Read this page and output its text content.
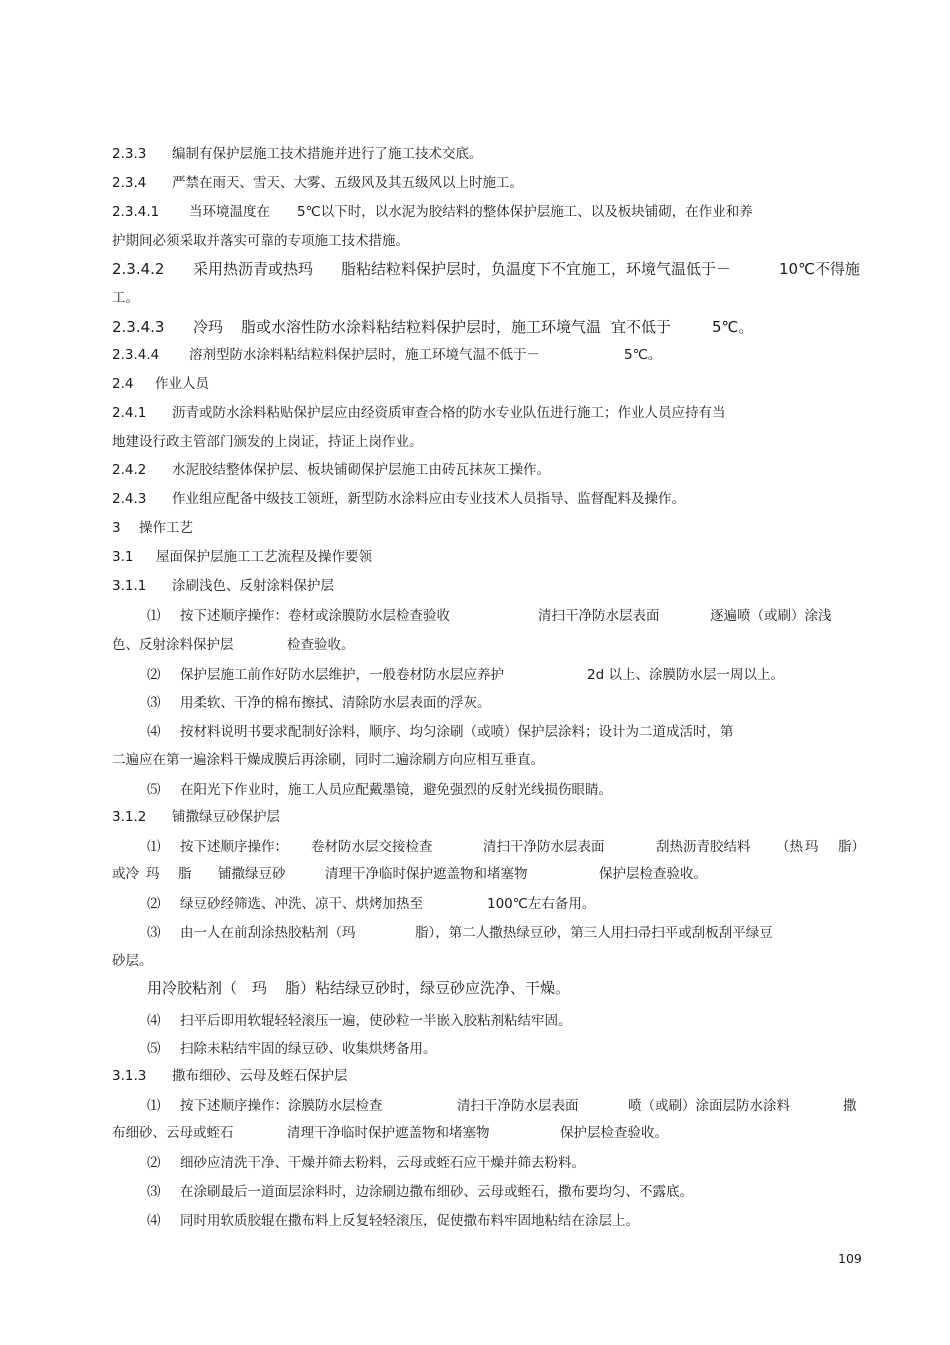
109
2.3.3 编制有保护层施工技术措施并进行了施工技术交底。
2.3.4 严禁在雨天、雪天、大雾、五级风及其五级风以上时施工。
2.3.4.1 当环境温度在 5℃以下时，以水泥为胶结料的整体保护层施工、以及板块铺砌，在作业和养
护期间必须采取并落实可靠的专项施工技术措施。
2.3.4.2 采用热沥青或热玛 脂粘结粒料保护层时，负温度下不宜施工，环境气温低于－	10℃不得施
工。
2.3.4.3 冷玛 脂或水溶性防水涂料粘结粒料保护层时，施工环境气温 宜不低于	5℃。
2.3.4.4 溶剂型防水涂料粘结粒料保护层时，施工环境气温不低于－	5℃。
2.4 作业人员
2.4.1 沥青或防水涂料粘贴保护层应由经资质审查合格的防水专业队伍进行施工；作业人员应持有当
地建设行政主管部门颁发的上岗证，持证上岗作业。
2.4.2 水泥胶结整体保护层、板块铺砌保护层施工由砖瓦抹灰工操作。
2.4.3 作业组应配备中级技工领班，新型防水涂料应由专业技术人员指导、监督配料及操作。
3 操作工艺
3.1 屋面保护层施工工艺流程及操作要领
3.1.1 涂刷浅色、反射涂料保护层
⑴ 按下述顺序操作：卷材或涂膜防水层检查验收	清扫干净防水层表面	逐遍喷（或刷）涂浅
色、反射涂料保护层	检查验收。
⑵ 保护层施工前作好防水层维护，一般卷材防水层应养护	2d 以上、涂膜防水层一周以上。
⑶ 用柔软、干净的棉布擦拭、清除防水层表面的浮灰。
⑷ 按材料说明书要求配制好涂料，顺序、均匀涂刷（或喷）保护层涂料；设计为二道成活时，第
二遍应在第一遍涂料干燥成膜后再涂刷，同时二遍涂刷方向应相互垂直。
⑸ 在阳光下作业时，施工人员应配戴墨镜，避免强烈的反射光线损伤眼睛。
3.1.2 铺撒绿豆砂保护层
⑴ 按下述顺序操作： 卷材防水层交接检查	清扫干净防水层表面	刮热沥青胶结料 （热 玛 脂）
或冷 玛 脂 铺撒绿豆砂	清理干净临时保护遮盖物和堵塞物	保护层检查验收。
⑵ 绿豆砂经筛选、冲洗、凉干、烘烤加热至	100℃左右备用。
⑶ 由一人在前刮涂热胶粘剂（玛	脂），第二人撒热绿豆砂，第三人用扫帚扫平或刮板刮平绿豆
砂层。
用冷胶粘剂（ 玛 脂）粘结绿豆砂时，绿豆砂应洗净、干燥。
⑷ 扫平后即用软辊轻轻滚压一遍，使砂粒一半嵌入胶粘剂粘结牢固。
⑸ 扫除未粘结牢固的绿豆砂、收集烘烤备用。
3.1.3 撒布细砂、云母及蛭石保护层
⑴ 按下述顺序操作：涂膜防水层检查	清扫干净防水层表面	喷（或刷）涂面层防水涂料	撒
布细砂、云母或蛭石	清理干净临时保护遮盖物和堵塞物	保护层检查验收。
⑵ 细砂应清洗干净、干燥并筛去粉料，云母或蛭石应干燥并筛去粉料。
⑶ 在涂刷最后一道面层涂料时，边涂刷边撒布细砂、云母或蛭石，撒布要均匀、不露底。
⑷ 同时用软质胶辊在撒布料上反复轻轻滚压，促使撒布料牢固地粘结在涂层上。
